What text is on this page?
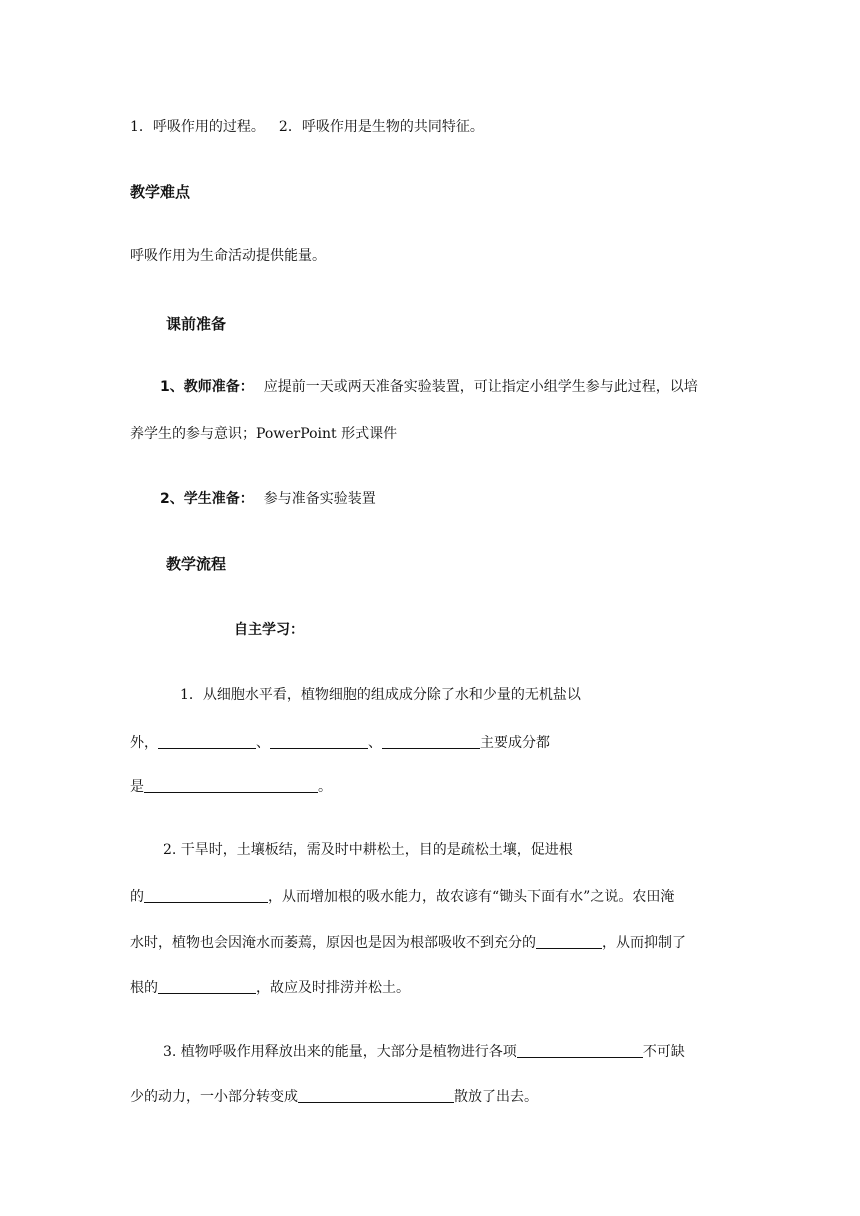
1．呼吸作用的过程。 2．呼吸作用是生物的共同特征。
教学难点
呼吸作用为生命活动提供能量。
课前准备
1、教师准备： 应提前一天或两天准备实验装置，可让指定小组学生参与此过程，以培
养学生的参与意识；PowerPoint 形式课件
2、学生准备： 参与准备实验装置
教学流程
自主学习：
1．从细胞水平看，植物细胞的组成成分除了水和少量的无机盐以
外，	、	、	主要成分都
是	。
2. 干旱时，土壤板结，需及时中耕松土，目的是疏松土壤，促进根
的	，从而增加根的吸水能力，故农谚有“锄头下面有水”之说。农田淹
水时，植物也会因淹水而萎蔫，原因也是因为根部吸收不到充分的	，从而抑制了
根的	，故应及时排涝并松土。
3. 植物呼吸作用释放出来的能量，大部分是植物进行各项	不可缺
少的动力，一小部分转变成	散放了出去。
